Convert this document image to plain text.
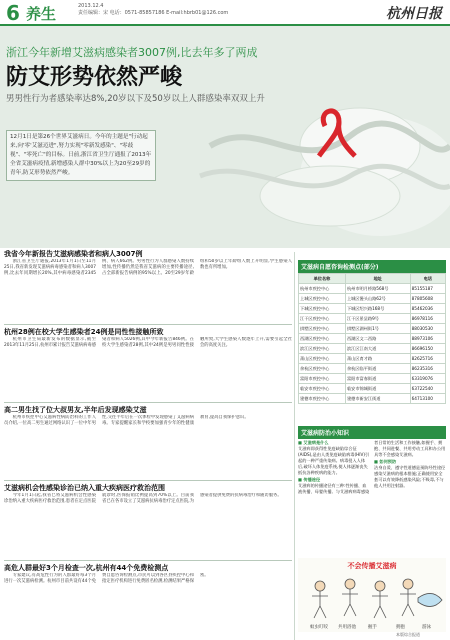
6 养生	2013.12.4
责任编辑：宋 电话：0571-85857186 E-mail:hbrb01@126.com	杭州日报
浙江今年新增艾滋病感染者3007例,比去年多了两成
防艾形势依然严峻
男男性行为者感染率达8%,20岁以下及50岁以上人群感染率双双上升
12月1日是第26个世界艾滋病日。今年的主题是"行动起来,向'零'艾滋迈进",努力实现"零新发感染"、"零歧视"、"零死亡"的目标。日前,浙江省卫生厅通报了2013年全省艾滋病疫情,新增感染人群中30%以上为20至29岁的青年,防艾形势依然严峻。
我省今年新报告艾滋病感染者和病人3007例

浙江省卫生厅通报,2013年1月1日至11月25日,我省新发现艾滋病病毒感染者和病人3007例,比去年同期增长20%,其中病毒感染者2345例、病人662例。男男性行为人群感染人数持续增加,性传播仍然是我省艾滋病的主要传播途径,占全部新报告病例的95%以上。20至29岁年龄组和50岁以上年龄组人数上升明显,学生感染人数也有所增加。

杭州28例在校大学生感染者24例是同性性接触所致

杭州市卫生局最新发布的数据显示,截至2013年11月25日,杭州市累计报告艾滋病病毒感染者和病人5026例,其中今年新报告846例。在校大学生感染者28例,其中24例是男男同性性接触所致,大学生感染人数逐年上升,需要引起全社会的高度关注。

高二男生找了位大叔男友,半年后发现感染艾滋

杭州市疾控中心艾滋病性病防治科的工作人员介绍,一位高二男生通过网络认识了一位中年男性,交往半年后在一次体检中发现感染了艾滋病病毒。专家提醒家长和学校要加强青少年的性健康教育,提高自我保护意识。

艾滋病机会性感染诊治已纳入重大疾病医疗救治范围

今年1月1日起,我省已将艾滋病机会性感染诊治纳入重大疾病医疗救治范围,患者在定点医院就诊时,医保报销比例提高到70%以上。目前我省已在各市设立了艾滋病抗病毒治疗定点医院,为感染者提供免费的抗病毒治疗和随访服务。

高危人群最好3个月检查一次,杭州有44个免费检测点

专家建议,有高危性行为的人群最好每3个月进行一次艾滋病检测。杭州市目前共设有44个免费自愿咨询检测点,市民可以到各区县疾控中心和指定医疗机构进行免费匿名检测,检测结果严格保密。

艾滋病自愿咨询检测点(部分)
单位名称	地址	电话
杭州市疾控中心	杭州市明月桥路568号	85155187
上城区疾控中心	上城区馒头山路62号	87805608
下城区疾控中心	下城区绍兴路168号	85462036
江干区疾控中心	江干区景昙路9号	86978116
拱墅区疾控中心	拱墅区湖州街1号	88030530
西湖区疾控中心	西湖区文二西路	88973106
滨江区疾控中心	滨江区江南大道	86696150
萧山区疾控中心	萧山区育才路	82625716
余杭区疾控中心	余杭区临平街道	86235316
富阳市疾控中心	富阳市富春街道	63319076
临安市疾控中心	临安市锦城街道	63722540
建德市疾控中心	建德市新安江街道	64713100
艾滋病防治小知识

■ 艾滋病是什么
艾滋病即获得性免疫缺陷综合征(AIDS),是由人类免疫缺陷病毒(HIV)引起的一种严重传染病。病毒侵入人体后,破坏人体免疫系统,使人体逐渐丧失抵抗各种疾病的能力。

■ 传播途径
艾滋病的传播途径有三种:性传播、血液传播、母婴传播。与艾滋病病毒感染者日常的生活和工作接触,如握手、拥抱、共同进餐、共用劳动工具和办公用具等不会感染艾滋病。

■ 如何预防
洁身自爱、遵守性道德是预防经性途径感染艾滋病的根本措施;正确使用安全套可以有效降低感染风险;不吸毒,不与他人共用注射器。

不会传播艾滋病
蚊虫叮咬 共用浴池	握手	拥抱	游泳
本版综合报道
